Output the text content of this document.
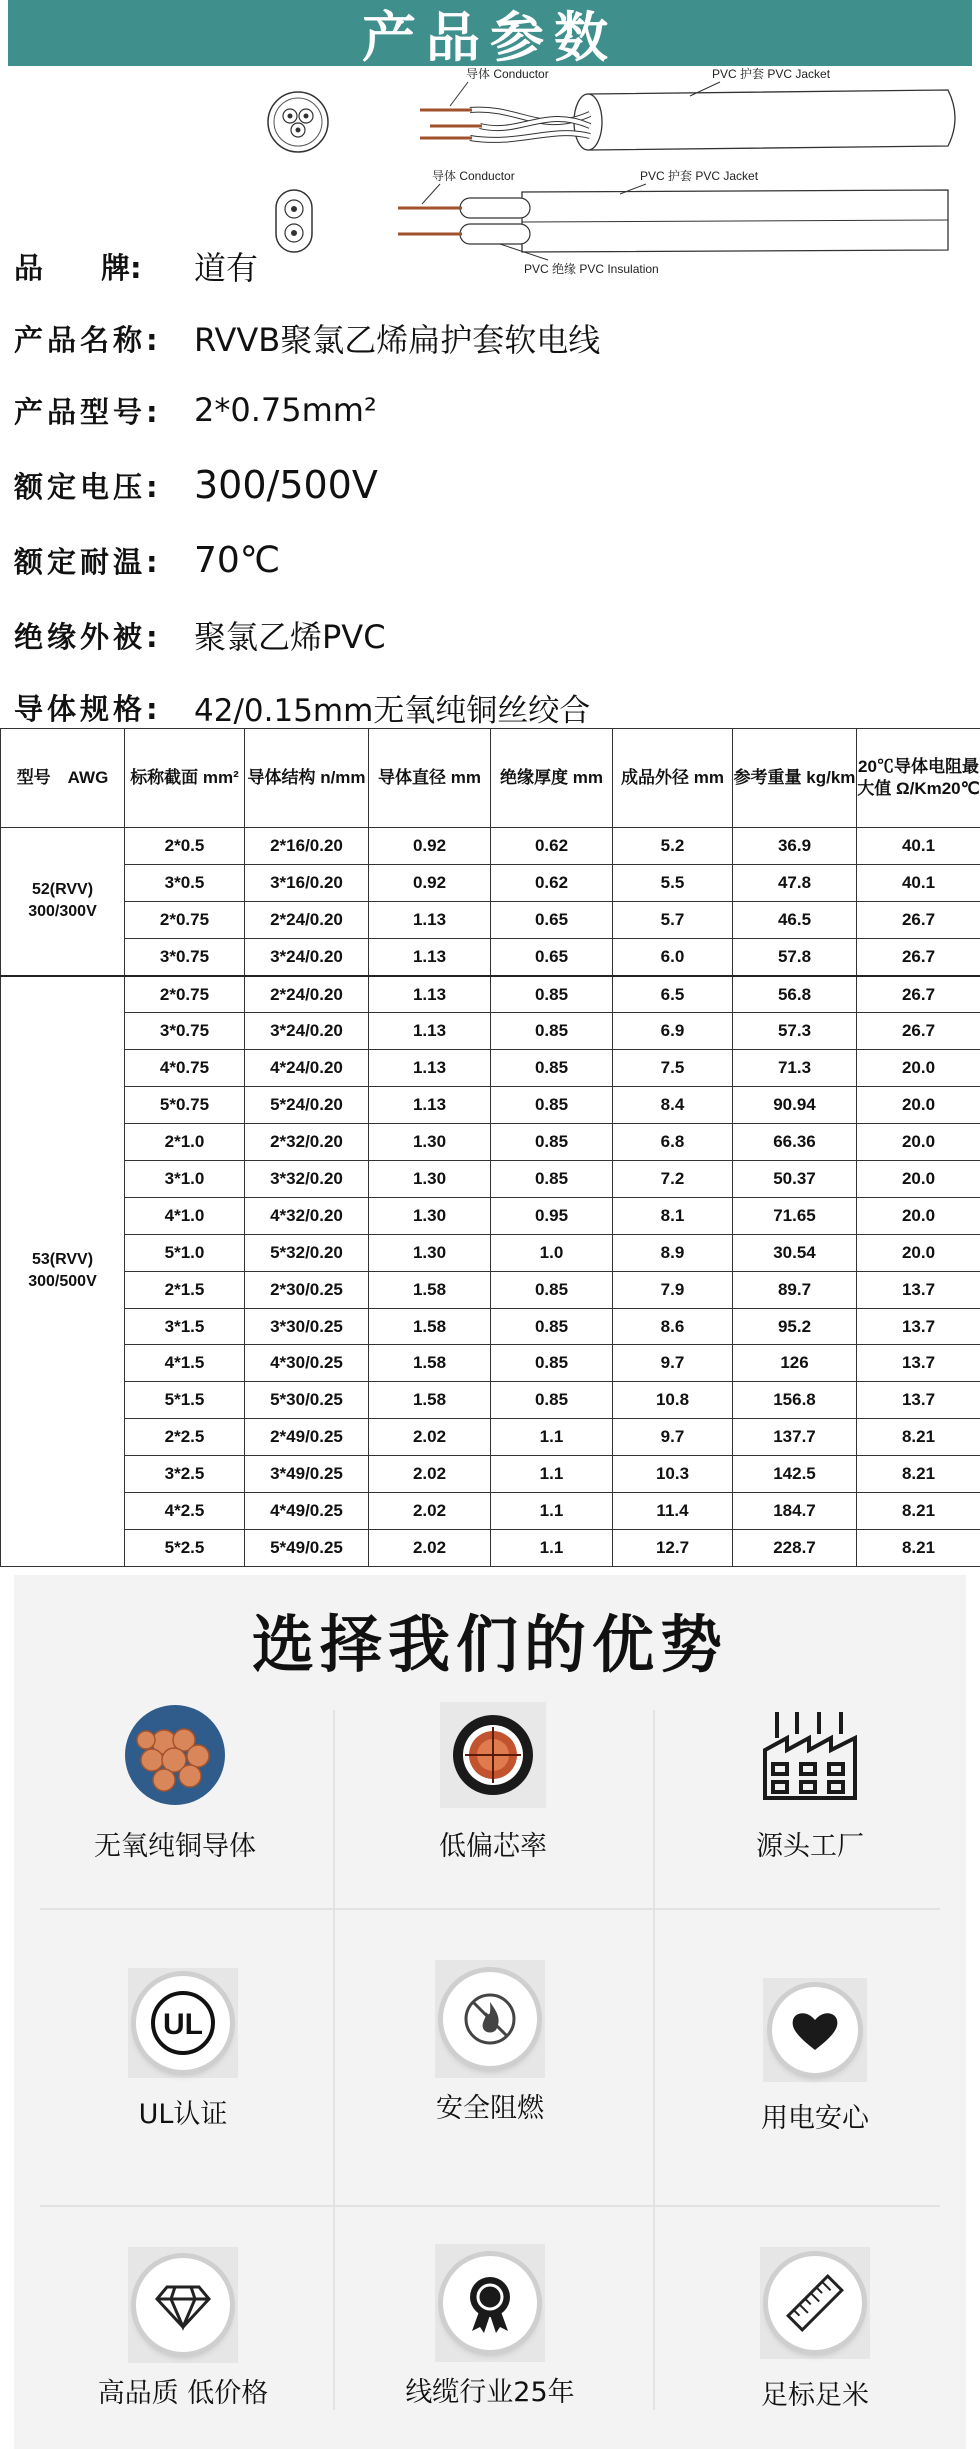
产品参数
导体 Conductor	PVC 护套 PVC Jacket
导体 Conductor	PVC 护套 PVC Jacket
PVC 绝缘 PVC Insulation
品　　牌:	道有
产品名称:	RVVB聚氯乙烯扁护套软电线
产品型号:	2*0.75mm²
额定电压: 300/500V
额定耐温: 70℃
绝缘外被:	聚氯乙烯PVC
导体规格:	42/0.15mm无氧纯铜丝绞合
型号　AWG	标称截面 mm²	导体结构 n/mm	导体直径 mm	绝缘厚度 mm	成品外径 mm	参考重量 kg/km	20℃导体电阻最大值 Ω/Km20℃

52(RVV)
300/300V	2*0.5	2*16/0.20	0.92	0.62	5.2	36.9	40.1
	3*0.5	3*16/0.20	0.92	0.62	5.5	47.8	40.1
	2*0.75	2*24/0.20	1.13	0.65	5.7	46.5	26.7
	3*0.75	3*24/0.20	1.13	0.65	6.0	57.8	26.7

53(RVV)
300/500V	2*0.75	2*24/0.20	1.13	0.85	6.5	56.8	26.7
	3*0.75	3*24/0.20	1.13	0.85	6.9	57.3	26.7
	4*0.75	4*24/0.20	1.13	0.85	7.5	71.3	20.0
	5*0.75	5*24/0.20	1.13	0.85	8.4	90.94	20.0
	2*1.0	2*32/0.20	1.30	0.85	6.8	66.36	20.0
	3*1.0	3*32/0.20	1.30	0.85	7.2	50.37	20.0
	4*1.0	4*32/0.20	1.30	0.95	8.1	71.65	20.0
	5*1.0	5*32/0.20	1.30	1.0	8.9	30.54	20.0
	2*1.5	2*30/0.25	1.58	0.85	7.9	89.7	13.7
	3*1.5	3*30/0.25	1.58	0.85	8.6	95.2	13.7
	4*1.5	4*30/0.25	1.58	0.85	9.7	126	13.7
	5*1.5	5*30/0.25	1.58	0.85	10.8	156.8	13.7
	2*2.5	2*49/0.25	2.02	1.1	9.7	137.7	8.21
	3*2.5	3*49/0.25	2.02	1.1	10.3	142.5	8.21
	4*2.5	4*49/0.25	2.02	1.1	11.4	184.7	8.21
	5*2.5	5*49/0.25	2.02	1.1	12.7	228.7	8.21
选择我们的优势
无氧纯铜导体	低偏芯率	源头工厂
UL
UL认证	安全阻燃	用电安心
高品质 低价格	线缆行业25年	足标足米
